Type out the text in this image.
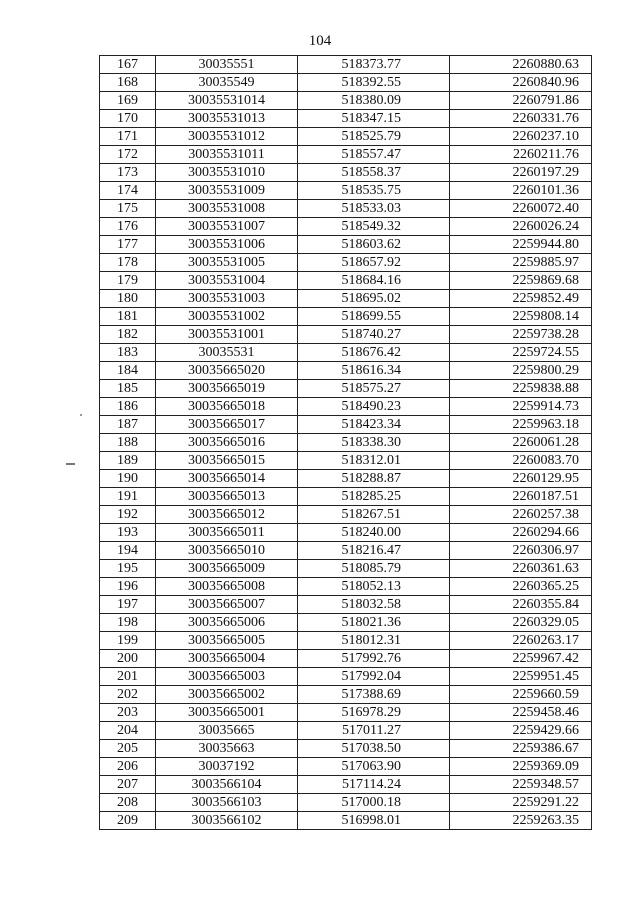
104
167	30035551	518373.77	2260880.63
168	30035549	518392.55	2260840.96
169	30035531014	518380.09	2260791.86
170	30035531013	518347.15	2260331.76
171	30035531012	518525.79	2260237.10
172	30035531011	518557.47	2260211.76
173	30035531010	518558.37	2260197.29
174	30035531009	518535.75	2260101.36
175	30035531008	518533.03	2260072.40
176	30035531007	518549.32	2260026.24
177	30035531006	518603.62	2259944.80
178	30035531005	518657.92	2259885.97
179	30035531004	518684.16	2259869.68
180	30035531003	518695.02	2259852.49
181	30035531002	518699.55	2259808.14
182	30035531001	518740.27	2259738.28
183	30035531	518676.42	2259724.55
184	30035665020	518616.34	2259800.29
185	30035665019	518575.27	2259838.88
186	30035665018	518490.23	2259914.73
187	30035665017	518423.34	2259963.18
188	30035665016	518338.30	2260061.28
189	30035665015	518312.01	2260083.70
190	30035665014	518288.87	2260129.95
191	30035665013	518285.25	2260187.51
192	30035665012	518267.51	2260257.38
193	30035665011	518240.00	2260294.66
194	30035665010	518216.47	2260306.97
195	30035665009	518085.79	2260361.63
196	30035665008	518052.13	2260365.25
197	30035665007	518032.58	2260355.84
198	30035665006	518021.36	2260329.05
199	30035665005	518012.31	2260263.17
200	30035665004	517992.76	2259967.42
201	30035665003	517992.04	2259951.45
202	30035665002	517388.69	2259660.59
203	30035665001	516978.29	2259458.46
204	30035665	517011.27	2259429.66
205	30035663	517038.50	2259386.67
206	30037192	517063.90	2259369.09
207	3003566104	517114.24	2259348.57
208	3003566103	517000.18	2259291.22
209	3003566102	516998.01	2259263.35
